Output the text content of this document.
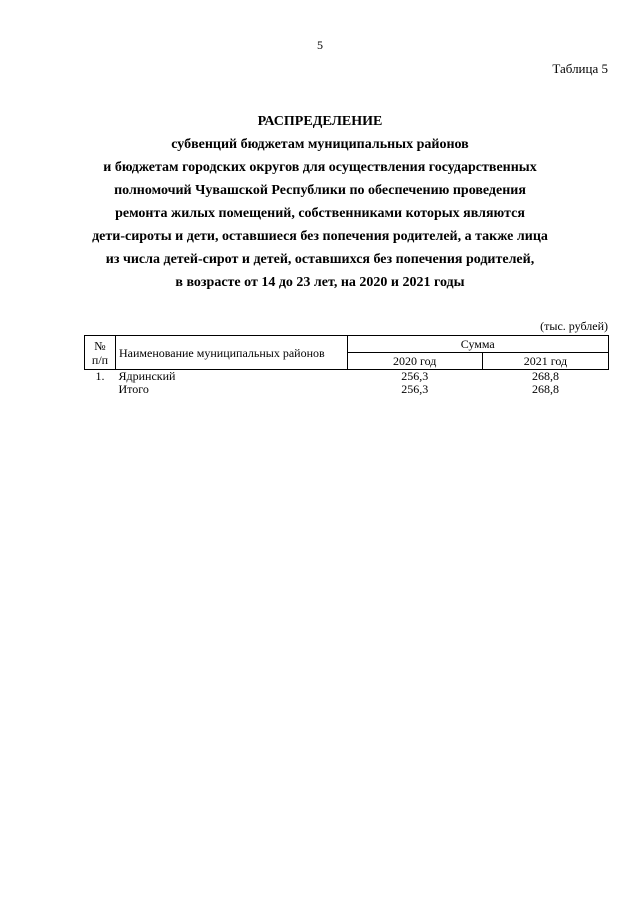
5
Таблица 5
РАСПРЕДЕЛЕНИЕ
субвенций бюджетам муниципальных районов
и бюджетам городских округов для осуществления государственных
полномочий Чувашской Республики по обеспечению проведения
ремонта жилых помещений, собственниками которых являются
дети-сироты и дети, оставшиеся без попечения родителей, а также лица
из числа детей-сирот и детей, оставшихся без попечения родителей,
в возрасте от 14 до 23 лет, на 2020 и 2021 годы
(тыс. рублей)
№
п/п	Наименование муниципальных районов	Сумма	
		2020 год	2021 год
1.	Ядринский	256,3	268,8
	Итого	256,3	268,8
